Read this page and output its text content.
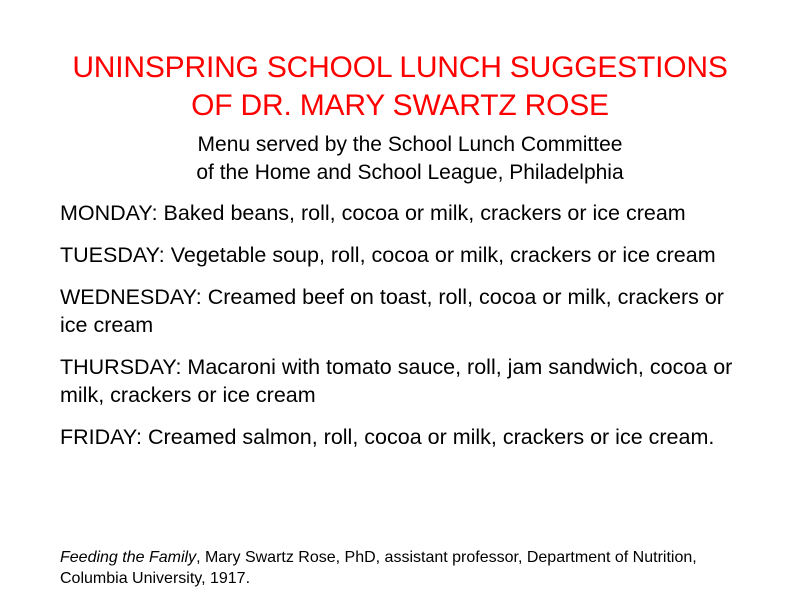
UNINSPRING SCHOOL LUNCH SUGGESTIONS
OF DR. MARY SWARTZ ROSE
Menu served by the School Lunch Committee
of the Home and School League, Philadelphia

MONDAY: Baked beans, roll, cocoa or milk, crackers or ice cream

TUESDAY: Vegetable soup, roll, cocoa or milk, crackers or ice cream

WEDNESDAY: Creamed beef on toast, roll, cocoa or milk, crackers or ice cream

THURSDAY: Macaroni with tomato sauce, roll, jam sandwich, cocoa or milk, crackers or ice cream

FRIDAY: Creamed salmon, roll, cocoa or milk, crackers or ice cream.

Feeding the Family, Mary Swartz Rose, PhD, assistant professor, Department of Nutrition, Columbia University, 1917.
